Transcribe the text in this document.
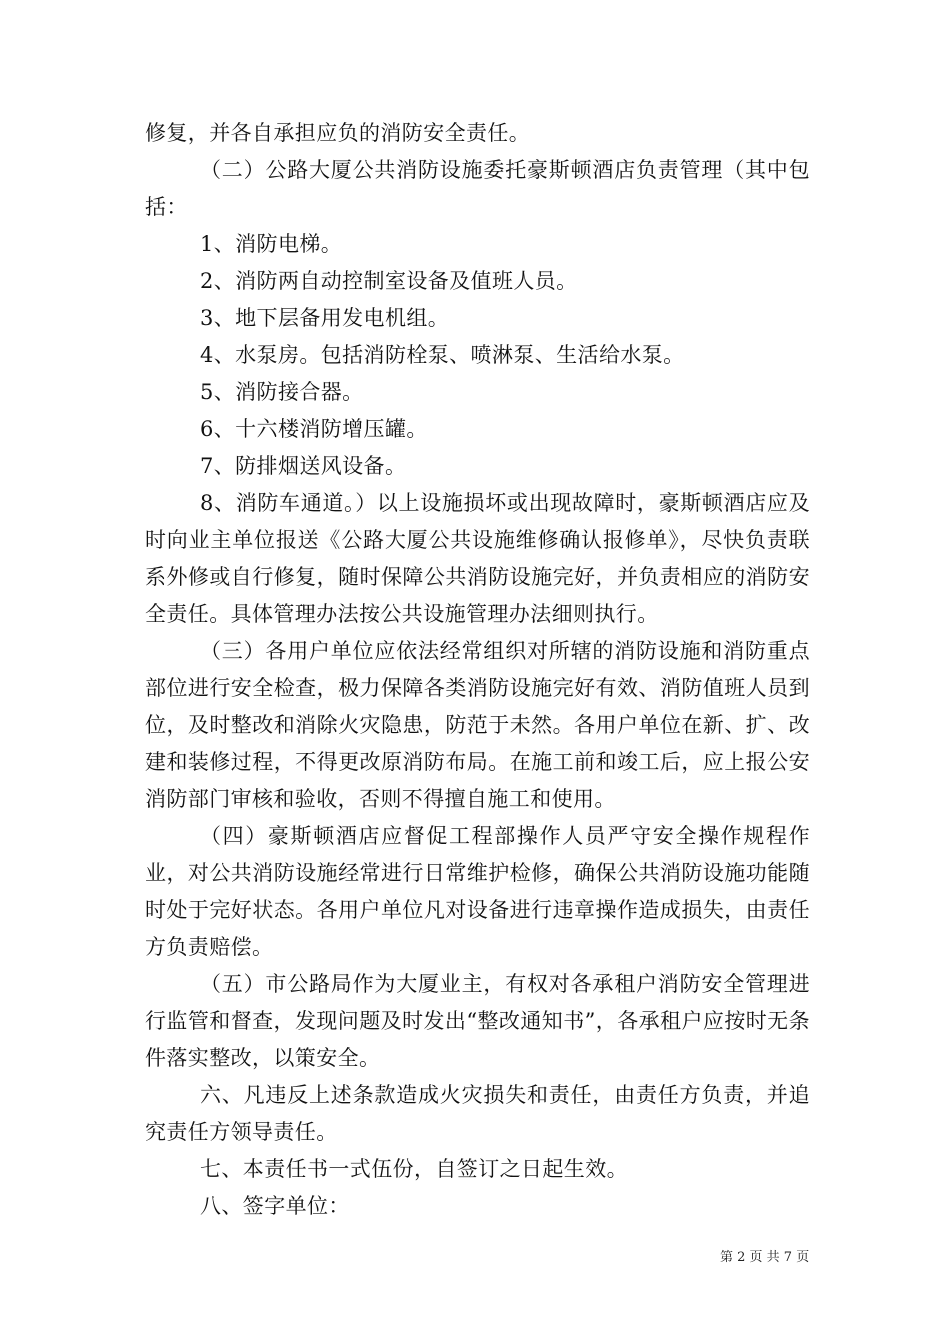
修复，并各自承担应负的消防安全责任。

（二）公路大厦公共消防设施委托豪斯顿酒店负责管理（其中包括：

1、消防电梯。

2、消防两自动控制室设备及值班人员。

3、地下层备用发电机组。

4、水泵房。包括消防栓泵、喷淋泵、生活给水泵。

5、消防接合器。

6、十六楼消防增压罐。

7、防排烟送风设备。

8、消防车通道。）以上设施损坏或出现故障时，豪斯顿酒店应及时向业主单位报送《公路大厦公共设施维修确认报修单》，尽快负责联系外修或自行修复，随时保障公共消防设施完好，并负责相应的消防安全责任。具体管理办法按公共设施管理办法细则执行。

（三）各用户单位应依法经常组织对所辖的消防设施和消防重点部位进行安全检查，极力保障各类消防设施完好有效、消防值班人员到位，及时整改和消除火灾隐患，防范于未然。各用户单位在新、扩、改建和装修过程，不得更改原消防布局。在施工前和竣工后，应上报公安消防部门审核和验收，否则不得擅自施工和使用。

（四）豪斯顿酒店应督促工程部操作人员严守安全操作规程作业，对公共消防设施经常进行日常维护检修，确保公共消防设施功能随时处于完好状态。各用户单位凡对设备进行违章操作造成损失，由责任方负责赔偿。

（五）市公路局作为大厦业主，有权对各承租户消防安全管理进行监管和督查，发现问题及时发出“整改通知书”，各承租户应按时无条件落实整改，以策安全。

六、凡违反上述条款造成火灾损失和责任，由责任方负责，并追究责任方领导责任。

七、本责任书一式伍份，自签订之日起生效。

八、签字单位：

第 2 页 共 7 页
